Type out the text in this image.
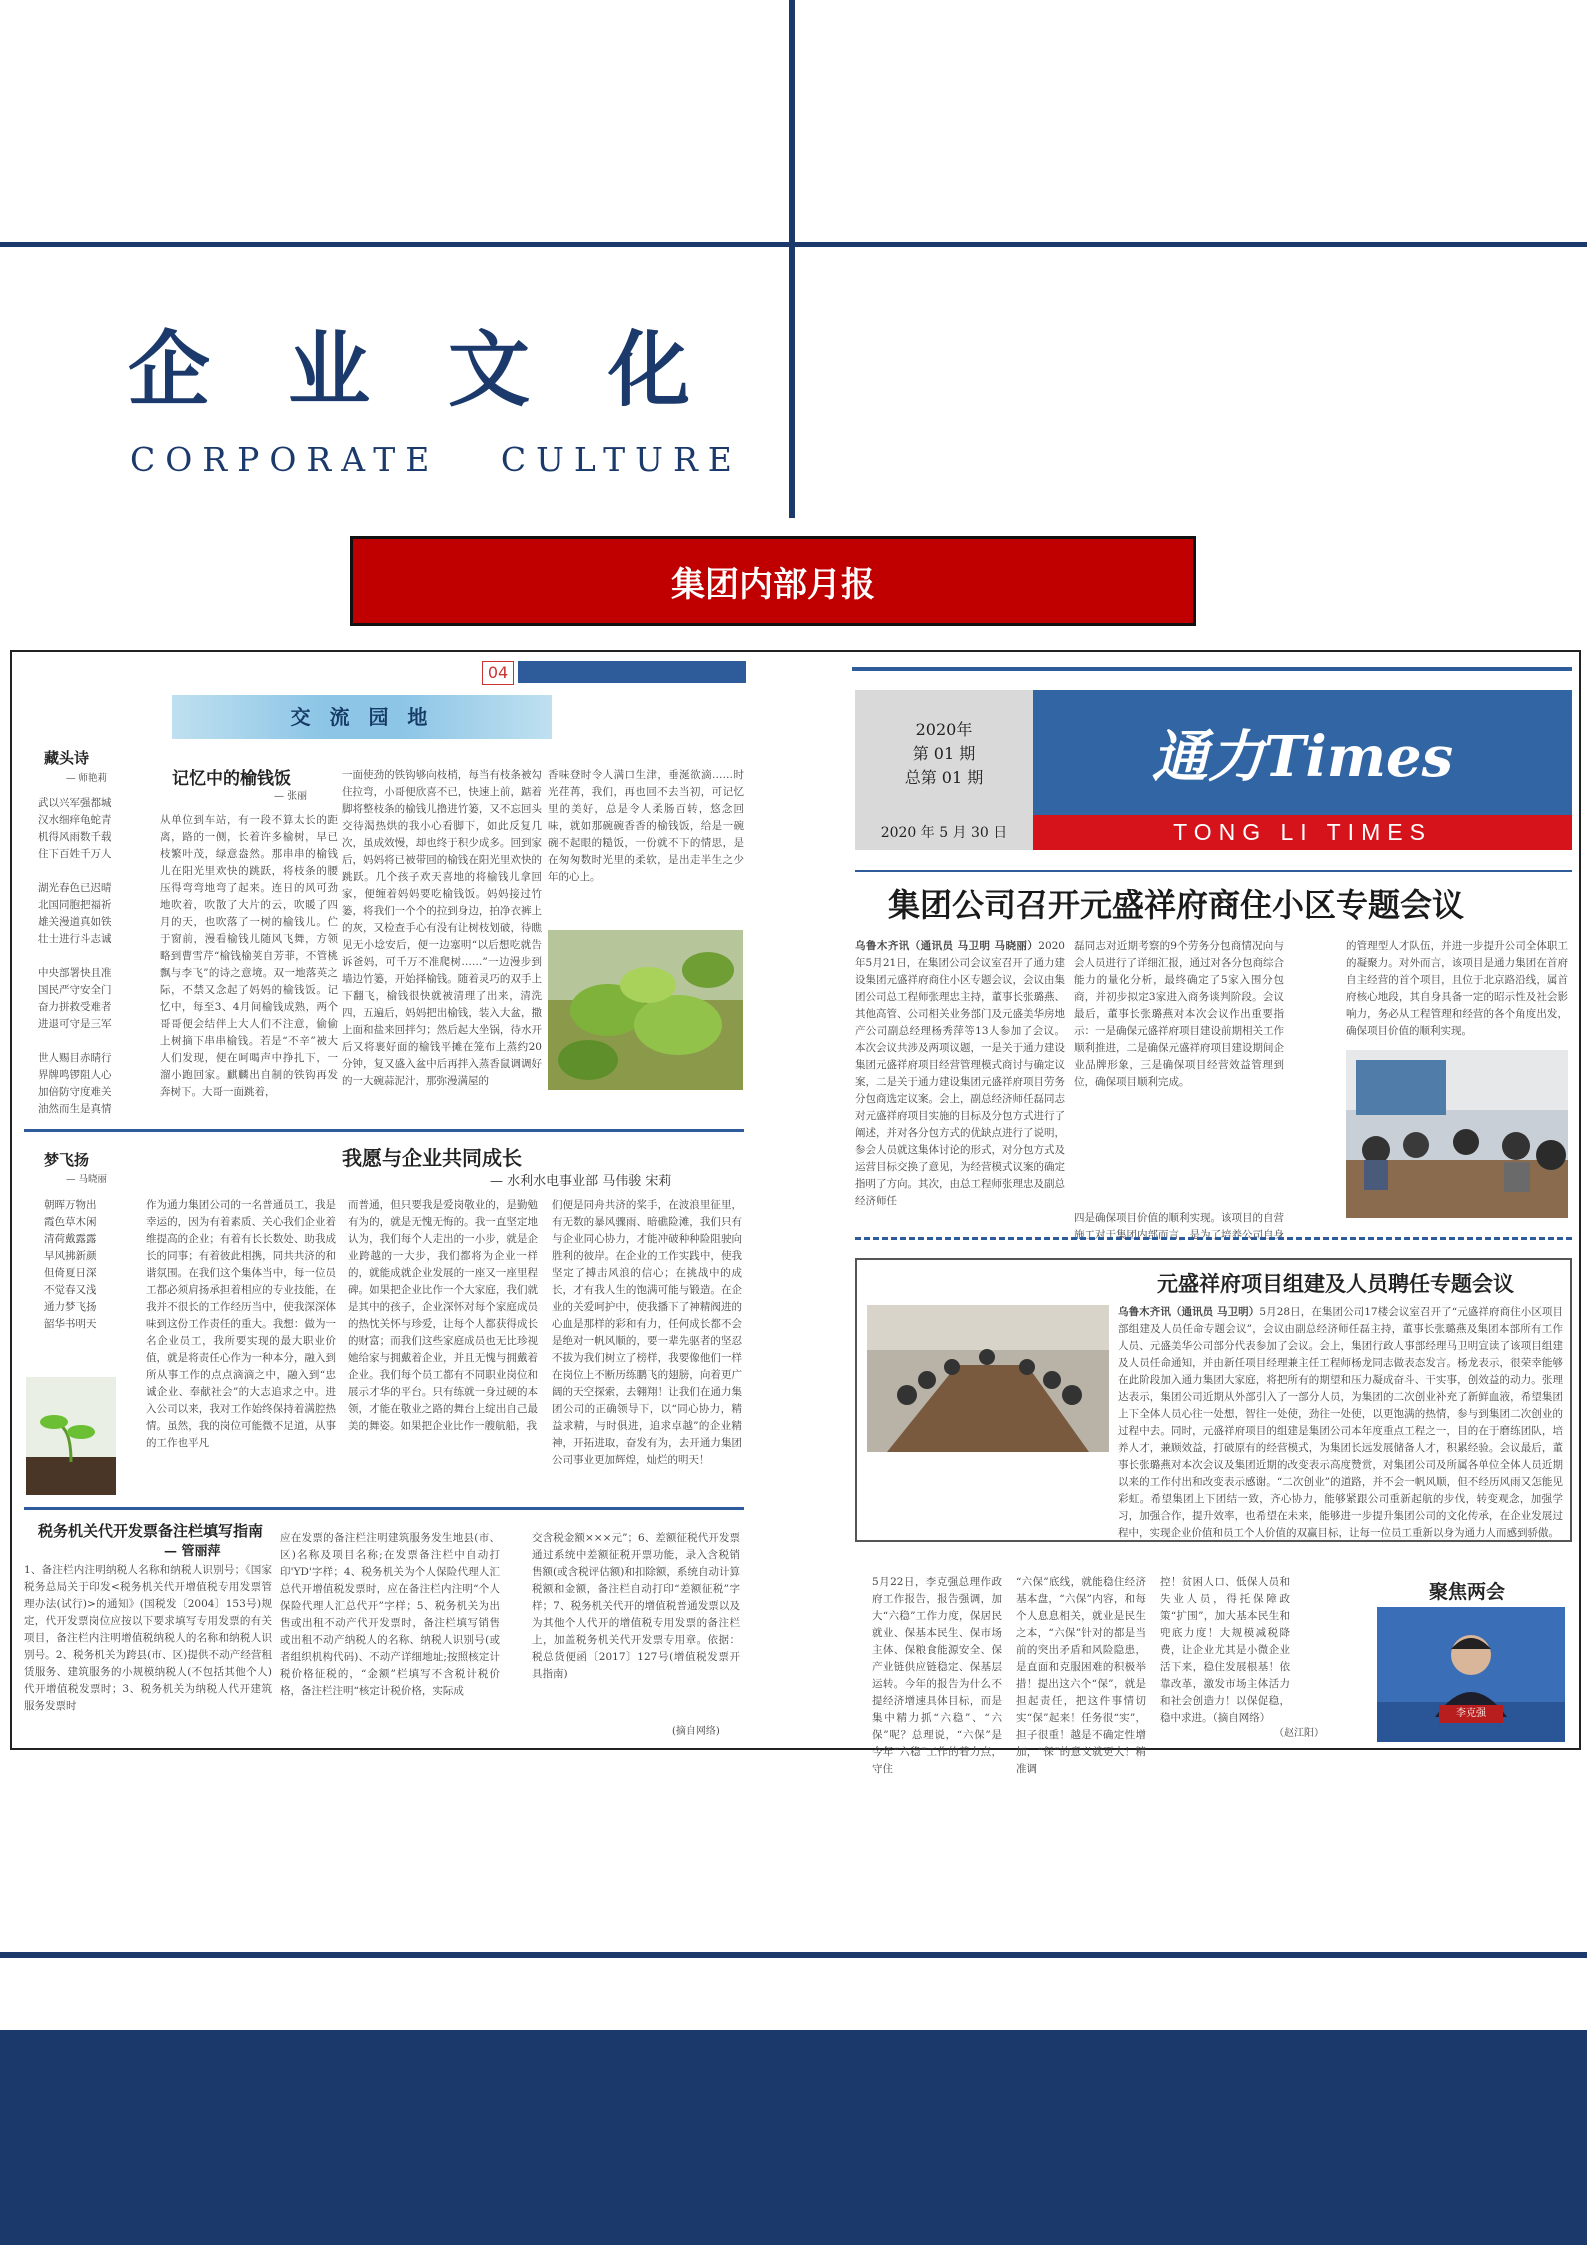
企业文化
CORPORATE   CULTURE
集团内部月报
04
交 流 园 地
藏头诗
— 师艳莉
武以兴军强都城
汉水细痒龟蛇青
机得风雨数千载
住下百姓千万人

湖光春色已迟晴
北国同胞把福祈
雄关漫道真如铁
壮士进行斗志诚

中央部署快且准
国民严守安全门
奋力拼救受难者
进退可守是三军

世人赐目赤睛行
界牌鸣锣阻人心
加倍防守度难关
油然而生是真情
记忆中的榆钱饭
— 张丽
从单位到车站，有一段不算太长的距离，路的一侧，长着许多榆树，早已枝繁叶茂，绿意盎然。那串串的榆钱儿在阳光里欢快的跳跃，将枝条的腰压得弯弯地弯了起来。连日的风可劲地吹着，吹散了大片的云，吹暖了四月的天，也吹落了一树的榆钱儿。伫于窗前，漫看榆钱儿随风飞舞，方领略到曹雪芹“榆钱榆荚自芳菲，不管桃飘与李飞”的诗之意境。双一地落英之际，不禁又念起了妈妈的榆钱饭。记忆中，每至3、4月间榆钱成熟，两个哥哥便会结伴上大人们不注意，偷偷上树摘下串串榆钱。若是“不辛”被大人们发现，便在呵喝声中挣扎下，一溜小跑回家。麒麟出自制的铁钩再发奔树下。大哥一面跳着，
一面使劲的铁钩够向枝梢，每当有枝条被勾住拉弯，小哥便欣喜不已，快速上前，踮着脚将整枝条的榆钱儿撸进竹篓，又不忘回头交待渴热烘的我小心看脚下，如此反复几次，虽成效慢，却也终于积少成多。回到家后，妈妈将已被带回的榆钱在阳光里欢快的跳跃。几个孩子欢天喜地的将榆钱儿拿回家，便缠着妈妈要吃榆钱饭。妈妈接过竹篓，将我们一个个的拉到身边，拍净衣裤上的灰，又检查手心有没有让树枝划破，待瞧见无小埝安后，便一边塞明“以后想吃就告诉爸妈，可千万不准爬树……”一边漫步到墙边竹篓，开始择榆钱。随着灵巧的双手上下翻飞，榆钱很快就被清理了出来，清洗四，五遍后，妈妈把出榆钱，装入大盆，撒上面和盐来回拌匀；然后起大坐锅，待水开后又将裹好面的榆钱平摊在笼布上蒸约20分钟，复又盛入盆中后再拌入蒸香鼠调调好的一大碗蒜泥汁，那弥漫满屋的
香味登时令人满口生津，垂涎欲滴……时光荏苒，我们，再也回不去当初，可记忆里的美好，总是令人柔肠百转，悠念回味，就如那碗碗香香的榆钱饭，给是一碗碗不起眼的糙饭，一份就不下的情思，是在匆匆数时光里的柔软，是出走半生之少年的心上。
梦飞扬
— 马晓丽
朝晖万物出
霞色草木闲
清荷戴露露
早风拂新颜
但倚夏日深
不觉春又浅
通力梦飞扬
韶华书明天
我愿与企业共同成长
— 水利水电事业部 马伟骏 宋莉
作为通力集团公司的一名普通员工，我是幸运的，因为有着素质、关心我们企业着维提高的企业；有着有长长数处、助我成长的同事；有着彼此相携，同共共济的和谐氛围。在我们这个集体当中，每一位员工都必须肩扬承担着相应的专业技能，在我并不很长的工作经历当中，使我深深体味到这份工作责任的重大。我想：做为一名企业员工，我所要实现的最大职业价值，就是将责任心作为一种本分，融入到所从事工作的点点滴滴之中，融入到“忠诚企业、奉献社会”的大志追求之中。进入公司以来，我对工作始终保持着满腔热情。虽然，我的岗位可能微不足道，从事的工作也平凡
而普通，但只要我是爱岗敬业的，是勤勉有为的，就是无愧无悔的。我一直坚定地认为，我们每个人走出的一小步，就是企业跨越的一大步，我们都将为企业一样的，就能成就企业发展的一座又一座里程碑。如果把企业比作一个大家庭，我们就是其中的孩子，企业深怀对每个家庭成员的热忱关怀与珍爱，让每个人都获得成长的财富；而我们这些家庭成员也无比珍视她给家与拥戴着企业，并且无愧与拥戴着企业。我们每个员工都有不同职业岗位和展示才华的平台。只有练就一身过硬的本领，才能在敬业之路的舞台上绽出自己最美的舞姿。如果把企业比作一艘航船，我
们便是同舟共济的桨手，在波浪里征里，有无数的暴风骤雨、暗礁险滩，我们只有与企业同心协力，才能冲破种种险阻驶向胜利的彼岸。在企业的工作实践中，使我坚定了搏击风浪的信心；在挑战中的成长，才有我人生的饱满可能与锻造。在企业的关爱呵护中，使我播下了神精阀进的心血是那样的彩和有力，任何成长都不会是绝对一帆风顺的，要一辈先驱者的坚忍不拔为我们树立了榜样，我要像他们一样在岗位上不断历练鹏飞的翅膀，向着更广阔的天空探索，去翱翔！让我们在通力集团公司的正确领导下，以“同心协力，精益求精，与时俱进，追求卓越”的企业精神，开拓进取，奋发有为，去开通力集团公司事业更加辉煌，灿烂的明天！
税务机关代开发票备注栏填写指南
— 管丽萍
1、备注栏内注明纳税人名称和纳税人识别号；《国家税务总局关于印发<税务机关代开增值税专用发票管理办法(试行)>的通知》(国税发〔2004〕153号)规定，代开发票岗位应按以下要求填写专用发票的有关项目，备注栏内注明增值税纳税人的名称和纳税人识别号。2、税务机关为跨县(市、区)提供不动产经营租赁服务、建筑服务的小规模纳税人(不包括其他个人)代开增值税发票时；3、税务机关为纳税人代开建筑服务发票时
应在发票的备注栏注明建筑服务发生地县(市、区)名称及项目名称;在发票备注栏中自动打印'YD'字样；4、税务机关为个人保险代理人汇总代开增值税发票时，应在备注栏内注明“个人保险代理人汇总代开”字样；5、税务机关为出售或出租不动产代开发票时，备注栏填写销售或出租不动产纳税人的名称、纳税人识别号(或者组织机构代码)、不动产详细地址;按照核定计税价格征税的，“金额”栏填写不含税计税价格，备注栏注明“核定计税价格，实际成
交含税金额×××元”；6、差额征税代开发票通过系统中差额征税开票功能，录入含税销售额(或含税评估额)和扣除额，系统自动计算税额和金额，备注栏自动打印“差额征税”字样；7、税务机关代开的增值税普通发票以及为其他个人代开的增值税专用发票的备注栏上，加盖税务机关代开发票专用章。依据：税总货便函〔2017〕127号(增值税发票开具指南)
(摘自网络)
2020年
第 01 期
总第 01 期
2020 年 5 月 30 日
通力Times
TONG LI TIMES
集团公司召开元盛祥府商住小区专题会议
乌鲁木齐讯（通讯员 马卫明 马晓丽）2020年5月21日，在集团公司会议室召开了通力建设集团元盛祥府商住小区专题会议，会议由集团公司总工程师张理忠主持，董事长张璐燕、其他高管、公司相关业务部门及元盛美华房地产公司副总经理杨秀萍等13人参加了会议。本次会议共涉及两项议题，一是关于通力建设集团元盛祥府项目经营管理模式商讨与确定议案，二是关于通力建设集团元盛祥府项目劳务分包商选定议案。会上，副总经济师任磊同志对元盛祥府项目实施的目标及分包方式进行了阐述，并对各分包方式的优缺点进行了说明，参会人员就这集体讨论的形式，对分包方式及运营目标交换了意见，为经营模式议案的确定指明了方向。其次，由总工程师张理忠及副总经济师任
磊同志对近期考察的9个劳务分包商情况向与会人员进行了详细汇报，通过对各分包商综合能力的量化分析，最终确定了5家入围分包商，并初步拟定3家进入商务谈判阶段。会议最后，董事长张璐燕对本次会议作出重要指示：一是确保元盛祥府项目建设前期相关工作顺利推进，二是确保元盛祥府项目建设期间企业品牌形象，三是确保项目经营效益管理到位，确保项目顺利完成。
四是确保项目价值的顺利实现。该项目的自营施工对于集团内部而言，是为了培养公司自身
的管理型人才队伍，并进一步提升公司全体职工的凝聚力。对外而言，该项目是通力集团在首府自主经营的首个项目，且位于北京路沿线，属首府核心地段，其自身具备一定的昭示性及社会影响力，务必从工程管理和经营的各个角度出发，确保项目价值的顺利实现。
元盛祥府项目组建及人员聘任专题会议
乌鲁木齐讯（通讯员 马卫明）5月28日，在集团公司17楼会议室召开了“元盛祥府商住小区项目部组建及人员任命专题会议”，会议由副总经济师任磊主持，董事长张璐燕及集团本部所有工作人员、元盛美华公司部分代表参加了会议。会上，集团行政人事部经理马卫明宣读了该项目组建及人员任命通知，并由新任项目经理兼主任工程师杨龙同志做表态发言。杨龙表示，很荣幸能够在此阶段加入通力集团大家庭，将把所有的期望和压力凝成奋斗、干实事，创效益的动力。张理达表示，集团公司近期从外部引入了一部分人员，为集团的二次创业补充了新鲜血液，希望集团上下全体人员心往一处想，智往一处使，劲往一处使，以更饱满的热情，参与到集团二次创业的过程中去。同时，元盛祥府项目的组建是集团公司本年度重点工程之一，目的在于磨练团队，培养人才，兼顾效益，打破原有的经营模式，为集团长远发展储备人才，积累经验。会议最后，董事长张璐燕对本次会议及集团近期的改变表示高度赞赏，对集团公司及所属各单位全体人员近期以来的工作付出和改变表示感谢。“二次创业”的道路，并不会一帆风顺，但不经历风雨又怎能见彩虹。希望集团上下团结一致，齐心协力，能够紧跟公司重新起航的步伐，转变观念，加强学习，加强合作，提升效率，也希望在未来，能够进一步提升集团公司的文化传承，在企业发展过程中，实现企业价值和员工个人价值的双赢目标，让每一位员工重新以身为通力人而感到骄傲。
5月22日，李克强总理作政府工作报告，报告强调，加大“六稳”工作力度，保居民就业、保基本民生、保市场主体、保粮食能源安全、保产业链供应链稳定、保基层运转。今年的报告为什么不提经济增速具体目标，而是集中精力抓“六稳”、“六保”呢？总理说，“六保”是今年“六稳”工作的着力点，守住
“六保”底线，就能稳住经济基本盘，“六保”内容，和每个人息息相关，就业是民生之本，“六保”针对的都是当前的突出矛盾和风险隐患，是直面和克服困难的积极举措！提出这六个“保”，就是担起责任，把这件事情切实“保”起来！任务很“实”，担子很重！越是不确定性增加，“保”的意义就更大！精准调
控！贫困人口、低保人员和失业人员，得托保障政策“扩围”，加大基本民生和兜底力度！大规模减税降费，让企业尤其是小微企业活下来，稳住发展根基！依靠改革，激发市场主体活力和社会创造力！以保促稳，稳中求进。（摘自网络）
（赵江阳）
聚焦两会
李克强
